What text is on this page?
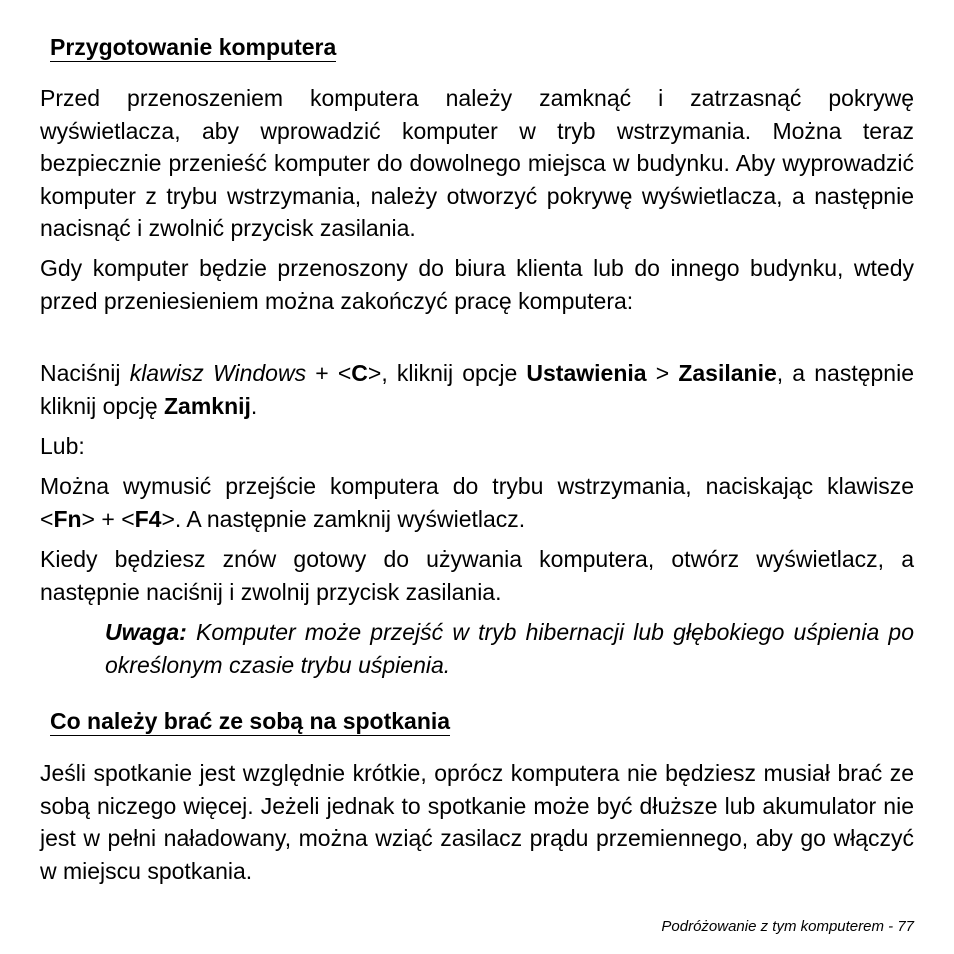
Przygotowanie komputera

Przed przenoszeniem komputera należy zamknąć i zatrzasnąć pokrywę wyświetlacza, aby wprowadzić komputer w tryb wstrzymania. Można teraz bezpiecznie przenieść komputer do dowolnego miejsca w budynku. Aby wyprowadzić komputer z trybu wstrzymania, należy otworzyć pokrywę wyświetlacza, a następnie nacisnąć i zwolnić przycisk zasilania.

Gdy komputer będzie przenoszony do biura klienta lub do innego budynku, wtedy przed przeniesieniem można zakończyć pracę komputera:

Naciśnij klawisz Windows + <C>, kliknij opcje Ustawienia > Zasilanie, a następnie kliknij opcję Zamknij.

Lub:

Można wymusić przejście komputera do trybu wstrzymania, naciskając klawisze <Fn> + <F4>. A następnie zamknij wyświetlacz.

Kiedy będziesz znów gotowy do używania komputera, otwórz wyświetlacz, a następnie naciśnij i zwolnij przycisk zasilania.

Uwaga: Komputer może przejść w tryb hibernacji lub głębokiego uśpienia po określonym czasie trybu uśpienia.

Co należy brać ze sobą na spotkania

Jeśli spotkanie jest względnie krótkie, oprócz komputera nie będziesz musiał brać ze sobą niczego więcej. Jeżeli jednak to spotkanie może być dłuższe lub akumulator nie jest w pełni naładowany, można wziąć zasilacz prądu przemiennego, aby go włączyć w miejscu spotkania.

Podróżowanie z tym komputerem - 77
